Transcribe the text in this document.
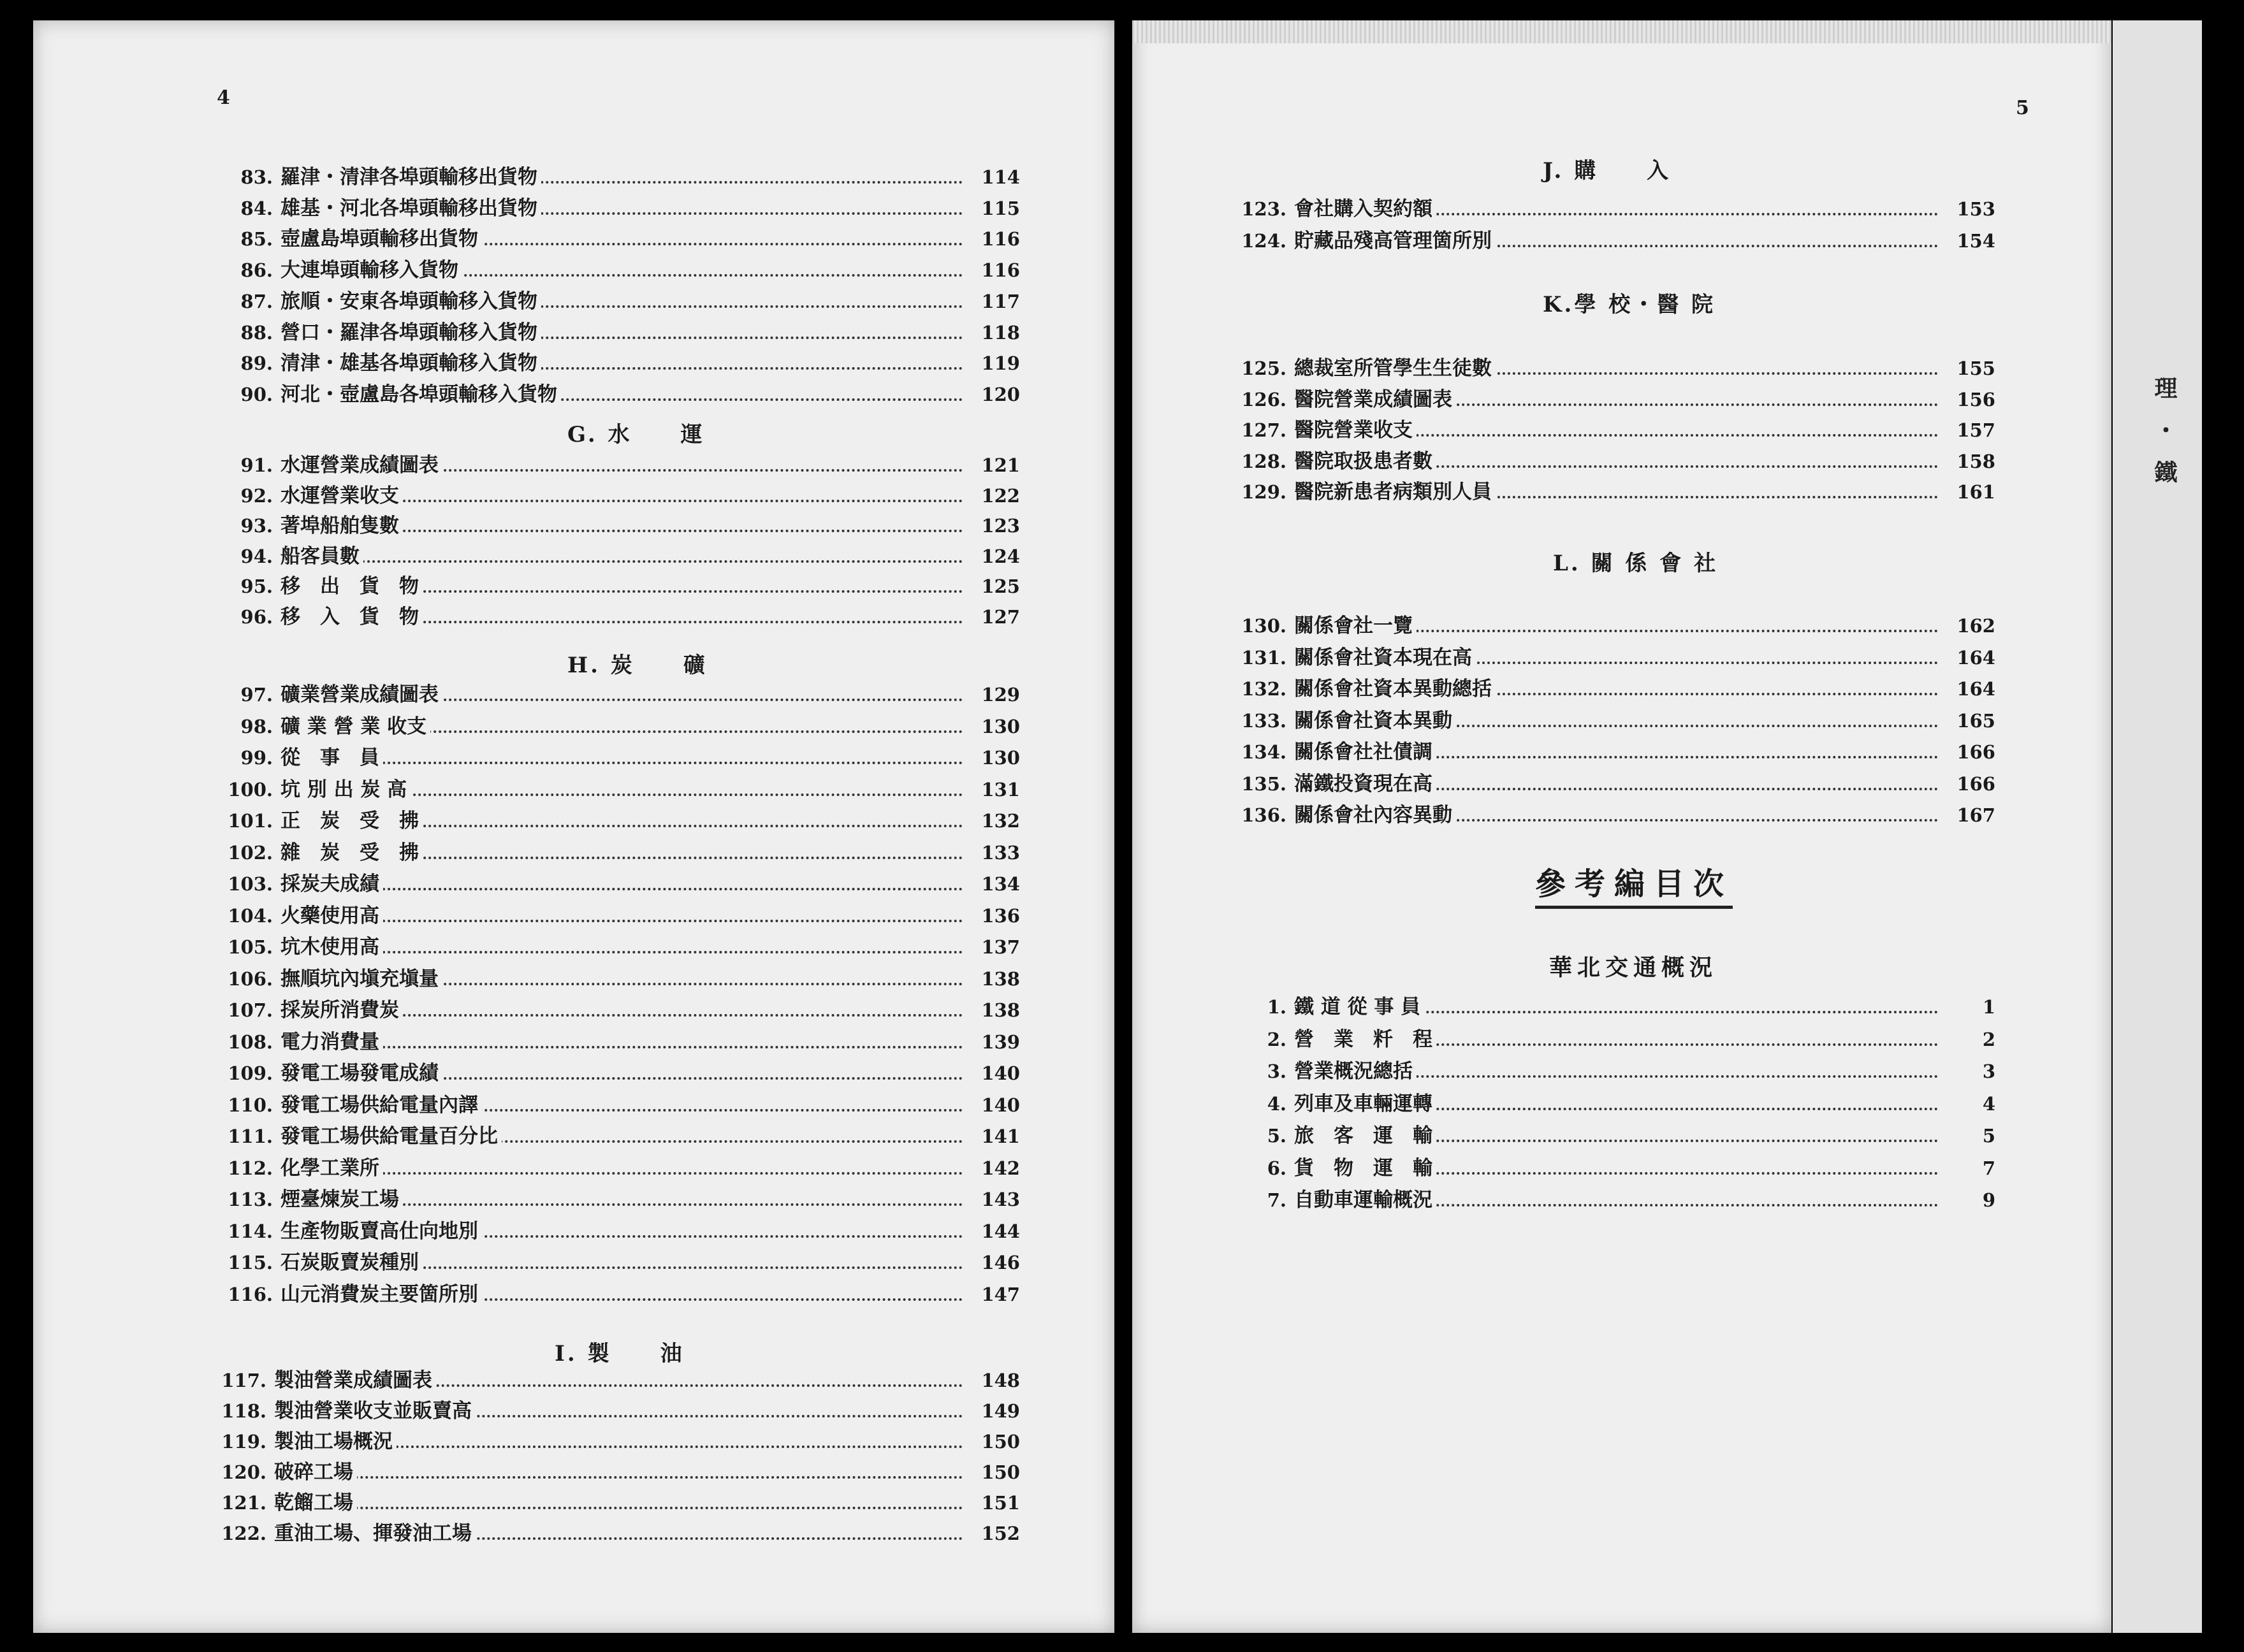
理・鐵
4	5
G. 水　　運
H. 炭　　礦
I. 製　　油
J. 購　　入
K.學 校・醫 院
L. 關 係 會 社
參考編目次
華北交通概況
83. 羅津・清津各埠頭輸移出貨物	114
84. 雄基・河北各埠頭輸移出貨物	115
85. 壺盧島埠頭輸移出貨物	116
86. 大連埠頭輸移入貨物	116
87. 旅順・安東各埠頭輸移入貨物	117
88. 營口・羅津各埠頭輸移入貨物	118
89. 清津・雄基各埠頭輸移入貨物	119
90. 河北・壺盧島各埠頭輸移入貨物	120
91. 水運營業成績圖表	121
92. 水運營業收支	122
93. 著埠船舶隻數	123
94. 船客員數	124
95. 移　出　貨　物	125
96. 移　入　貨　物	127
97. 礦業營業成績圖表	129
98. 礦 業 營 業 收支	130
99. 從　事　員	130
100. 坑 別 出 炭 高	131
101. 正　炭　受　拂	132
102. 雜　炭　受　拂	133
103. 採炭夫成績	134
104. 火藥使用高	136
105. 坑木使用高	137
106. 撫順坑內塡充塡量	138
107. 採炭所消費炭	138
108. 電力消費量	139
109. 發電工場發電成績	140
110. 發電工場供給電量內譯	140
111. 發電工場供給電量百分比	141
112. 化學工業所	142
113. 煙臺煉炭工場	143
114. 生產物販賣高仕向地別	144
115. 石炭販賣炭種別	146
116. 山元消費炭主要箇所別	147
117. 製油營業成績圖表	148
118. 製油營業收支並販賣高	149
119. 製油工場概況	150
120. 破碎工場	150
121. 乾餾工場	151
122. 重油工場、揮發油工場	152
123. 會社購入契約額	153
124. 貯藏品殘高管理箇所別	154
125. 總裁室所管學生生徒數	155
126. 醫院營業成績圖表	156
127. 醫院營業收支	157
128. 醫院取扱患者數	158
129. 醫院新患者病類別人員	161
130. 關係會社一覽	162
131. 關係會社資本現在高	164
132. 關係會社資本異動總括	164
133. 關係會社資本異動	165
134. 關係會社社債調	166
135. 滿鐵投資現在高	166
136. 關係會社內容異動	167
1. 鐵 道 從 事 員	1
2. 營　業　粁　程	2
3. 營業概況總括	3
4. 列車及車輛運轉	4
5. 旅　客　運　輸	5
6. 貨　物　運　輸	7
7. 自動車運輸概況	9
